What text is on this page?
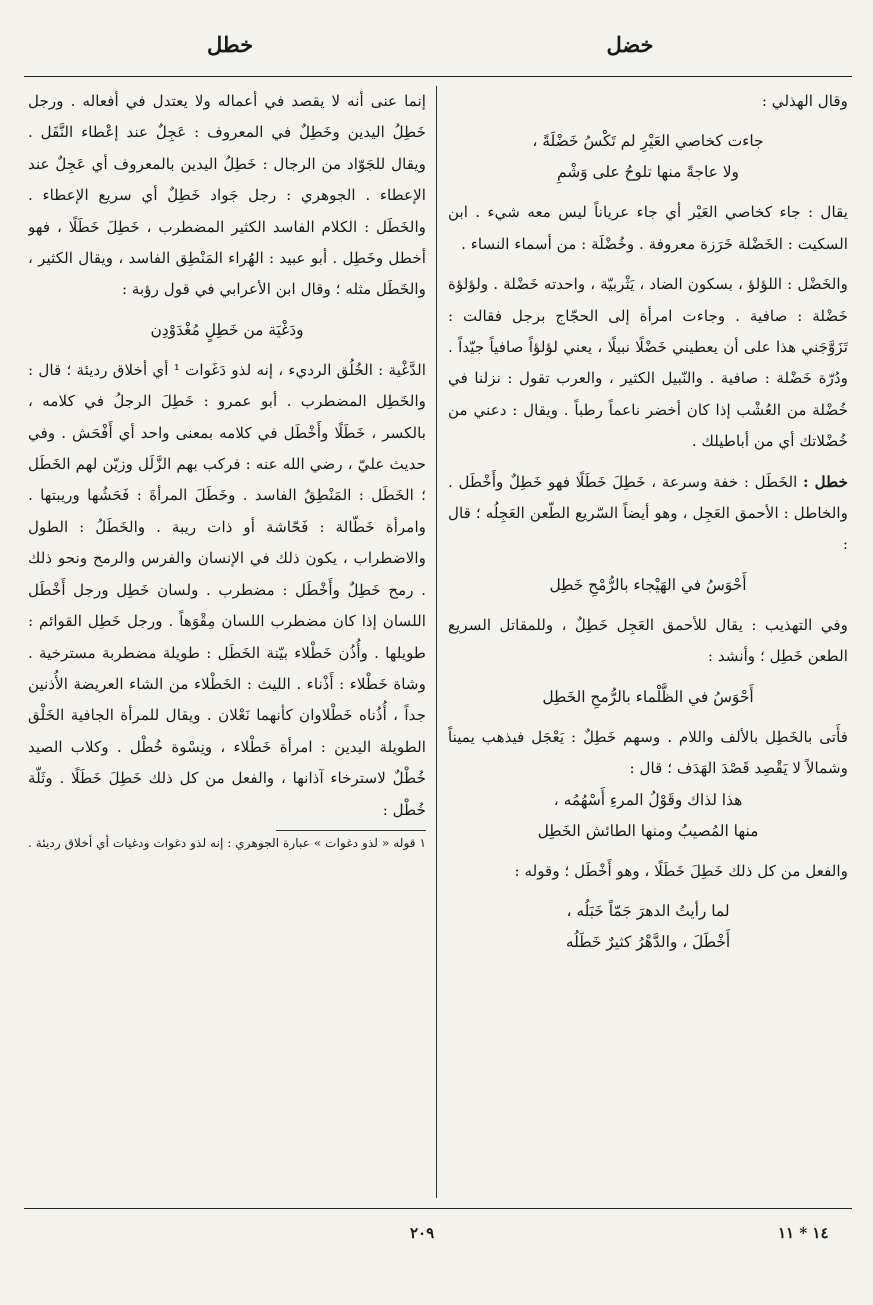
خضل
خطل

وقال الهذلي :

جاءت كخاصي العَيْرِ لم تَكْسُ خَضْلَةً ،

ولا عاجةً منها تلوحُ على وَشْمِ

يقال : جاء كخاصي العَيْر أي جاء عرياناً ليس معه شيء . ابن السكيت : الخَضْلة خَرَزة معروفة . وخُضْلَة : من أسماء النساء .

والخَضْل : اللؤلؤ ، بسكون الضاد ، يَثْربيّة ، واحدته خَضْلة . ولؤلؤة خَضْلة : صافية . وجاءت امرأة إلى الحجّاج برجل فقالت : تَزَوَّجَني هذا على أن يعطيني خَضْلًا نبيلًا ، يعني لؤلؤاً صافياً جيّداً . ودُرّة خَضْلة : صافية . والنّبيل الكثير ، والعرب تقول : نزلنا في خُضْلة من العُشْب إذا كان أخضر ناعماً رطباً . ويقال : دعني من خُضْلاتك أي من أباطيلك .

خطل : الخَطَل : خفة وسرعة ، خَطِلَ خَطَلًا فهو خَطِلٌ وأَخْطَل . والخاطل : الأحمق العَجِل ، وهو أيضاً السّريع الطّعن العَجِلُه ؛ قال :

أَحْوَسُ في الهَيْجاء بالرُّمْحِ خَطِل

وفي التهذيب : يقال للأحمق العَجِل خَطِلٌ ، وللمقاتل السريع الطعن خَطِل ؛ وأنشد :

أَحْوَسُ في الظَّلْماء بالرُّمحِ الخَطِل

فأَتى بالخَطِل بالألف واللام . وسهم خَطِلٌ : يَعْجَل فيذهب يميناً وشمالاً لا يَقْصِد قَصْدَ الهَدَف ؛ قال :

هذا لذاك وقَوْلُ المرءِ أَسْهُمُه ،

منها المُصيبُ ومنها الطائش الخَطِل

والفعل من كل ذلك خَطِلَ خَطَلًا ، وهو أَخْطَل ؛ وقوله :

لما رأيتُ الدهرَ جَمّاً خَبَلُه ،

أَخْطَلَ ، والدَّهْرُ كثيرٌ خَطَلُه

إنما عنى أنه لا يقصد في أعماله ولا يعتدل في أفعاله . ورجل خَطِلُ اليدين وخَطِلٌ في المعروف : عَجِلٌ عند إعْطاء النَّفَل . ويقال للجَوّاد من الرجال : خَطِلُ اليدين بالمعروف أي عَجِلٌ عند الإعطاء . الجوهري : رجل جَواد خَطِلٌ أي سريع الإعطاء . والخَطَل : الكلام الفاسد الكثير المضطرب ، خَطِلَ خَطَلًا ، فهو أخطل وخَطِل . أبو عبيد : الهُراء المَنْطِق الفاسد ، ويقال الكثير ، والخَطَل مثله ؛ وقال ابن الأعرابي في قول رؤبة :

ودَغْيَة من خَطِلٍ مُغْدَوْدِن

الدَّغْية : الخُلُق الرديء ، إنه لذو دَغَوات ¹ أي أخلاق رديئة ؛ قال : والخَطِل المضطرب . أبو عمرو : خَطِلَ الرجلُ في كلامه ، بالكسر ، خَطَلًا وأَخْطَل في كلامه بمعنى واحد أي أَفْحَش . وفي حديث عليّ ، رضي الله عنه : فركب بهم الزَّلَل وزيّن لهم الخَطَل ؛ الخَطَل : المَنْطِقُ الفاسد . وخَطَلَ المرأةَ : فَحَشُها وريبتها . وامرأة خَطّالة : فَحّاشة أو ذات ريبة . والخَطَلُ : الطول والاضطراب ، يكون ذلك في الإنسان والفرس والرمح ونحو ذلك . رمح خَطِلٌ وأَخْطَل : مضطرب . ولسان خَطِل ورجل أَخْطَل اللسان إذا كان مضطرب اللسان مِقْوَهاً . ورجل خَطِل القوائم : طويلها . وأُذُن خَطْلاء بيّنة الخَطَل : طويلة مضطربة مسترخية . وشاة خَطْلاء : أَذْناء . الليث : الخَطْلاء من الشاء العريضة الأُذنين جداً ، أُذُناه خَطْلاوان كأنهما نَعْلان . ويقال للمرأة الجافية الخَلْق الطويلة اليدين : امرأة خَطْلاء ، ونِسْوة خُطْل . وكلاب الصيد خُطْلٌ لاسترخاء آذانها ، والفعل من كل ذلك خَطِلَ خَطَلًا . وثَلّة خُطْل :

١ قوله « لذو دغوات » عبارة الجوهري : إنه لذو دغوات ودغيات أي أخلاق رديئة .

٢٠٩	١٤ * ١١
